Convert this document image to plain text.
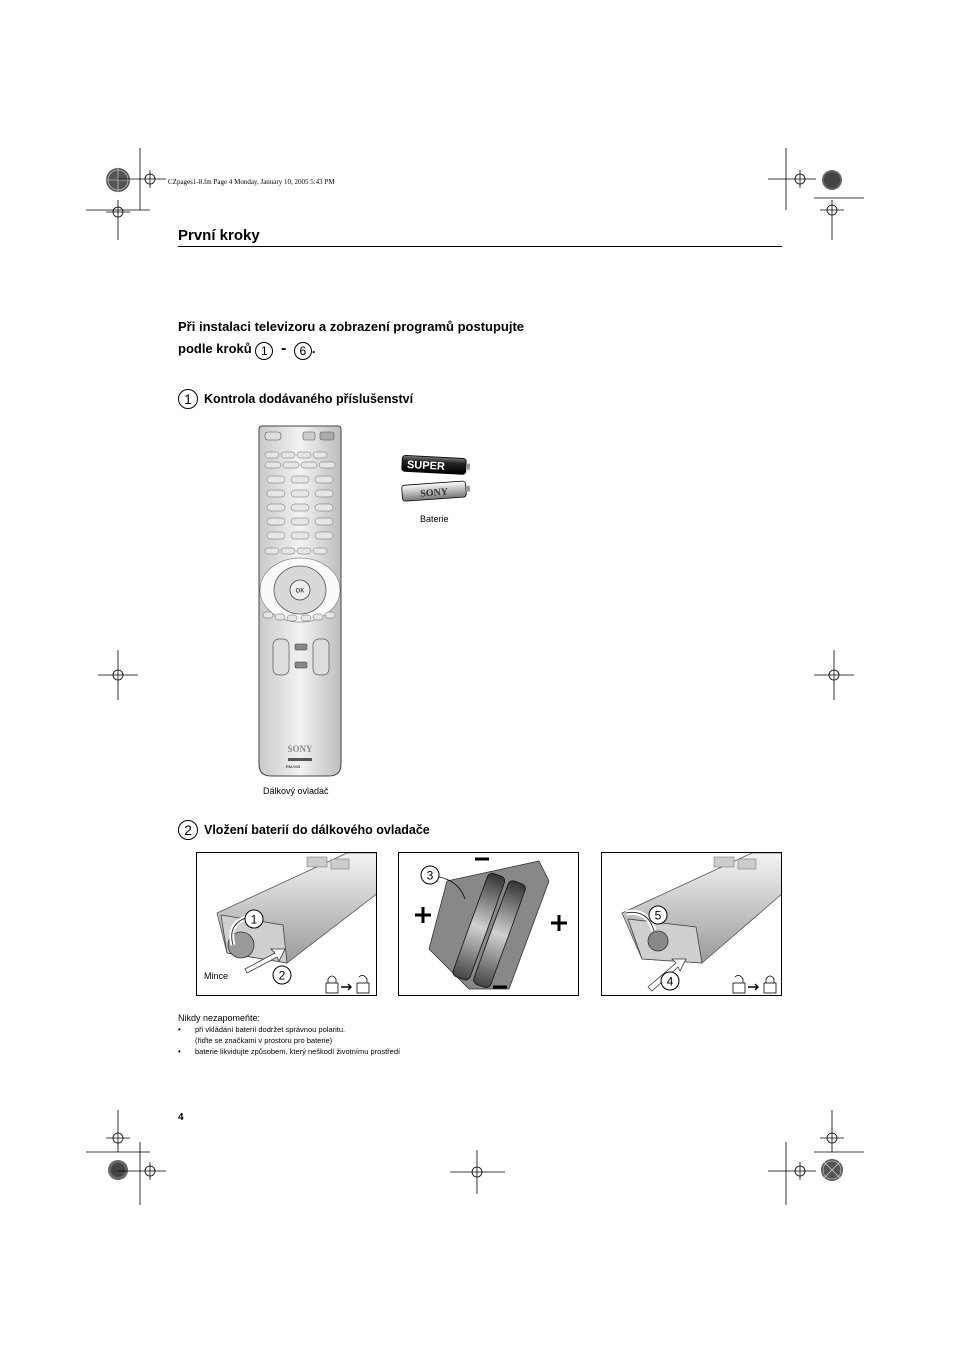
CZpages1-8.fm Page 4 Monday, January 10, 2005 5:43 PM
První kroky
Při instalaci televizoru a zobrazení programů postupujte
podle kroků 1 - 6 .
1 Kontrola dodávaného příslušenství
OK
SONY
RM-943
Dálkový ovladač
SUPER
SONY
Baterie
2 Vložení baterií do dálkového ovladače
1
2
Mince
3
5
4
Nikdy nezapomeňte:
• při vkládání baterií dodržet správnou polaritu.
(řiďte se značkami v prostoru pro baterie)
• baterie likvidujte způsobem, který neškodí životnímu prostředí
4
